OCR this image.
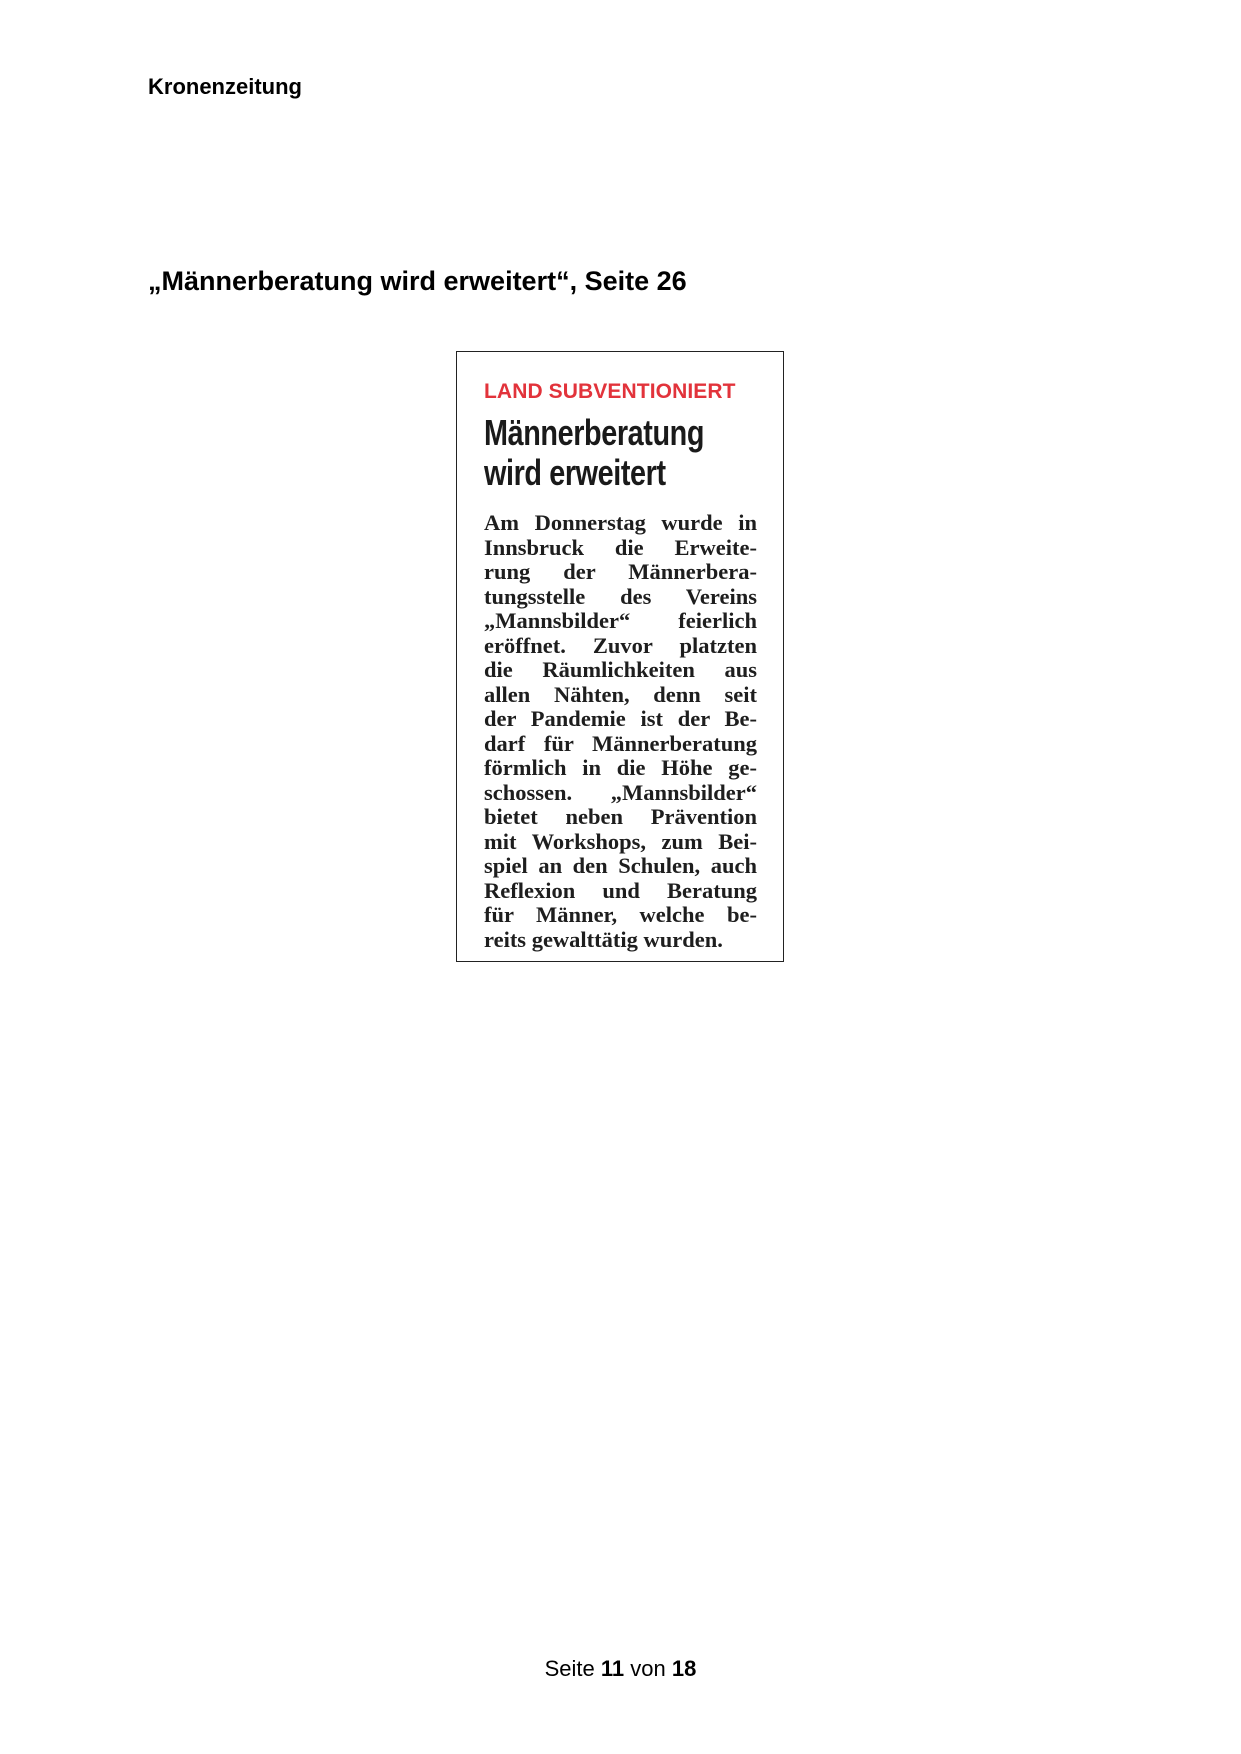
Kronenzeitung
„Männerberatung wird erweitert“, Seite 26
LAND SUBVENTIONIERT
Männerberatung
wird erweitert
Am Donnerstag wurde in
Innsbruck die Erweite-
rung der Männerbera-
tungsstelle des Vereins
„Mannsbilder“ feierlich
eröffnet. Zuvor platzten
die Räumlichkeiten aus
allen Nähten, denn seit
der Pandemie ist der Be-
darf für Männerberatung
förmlich in die Höhe ge-
schossen. „Mannsbilder“
bietet neben Prävention
mit Workshops, zum Bei-
spiel an den Schulen, auch
Reflexion und Beratung
für Männer, welche be-
reits gewalttätig wurden.
Seite 11 von 18
